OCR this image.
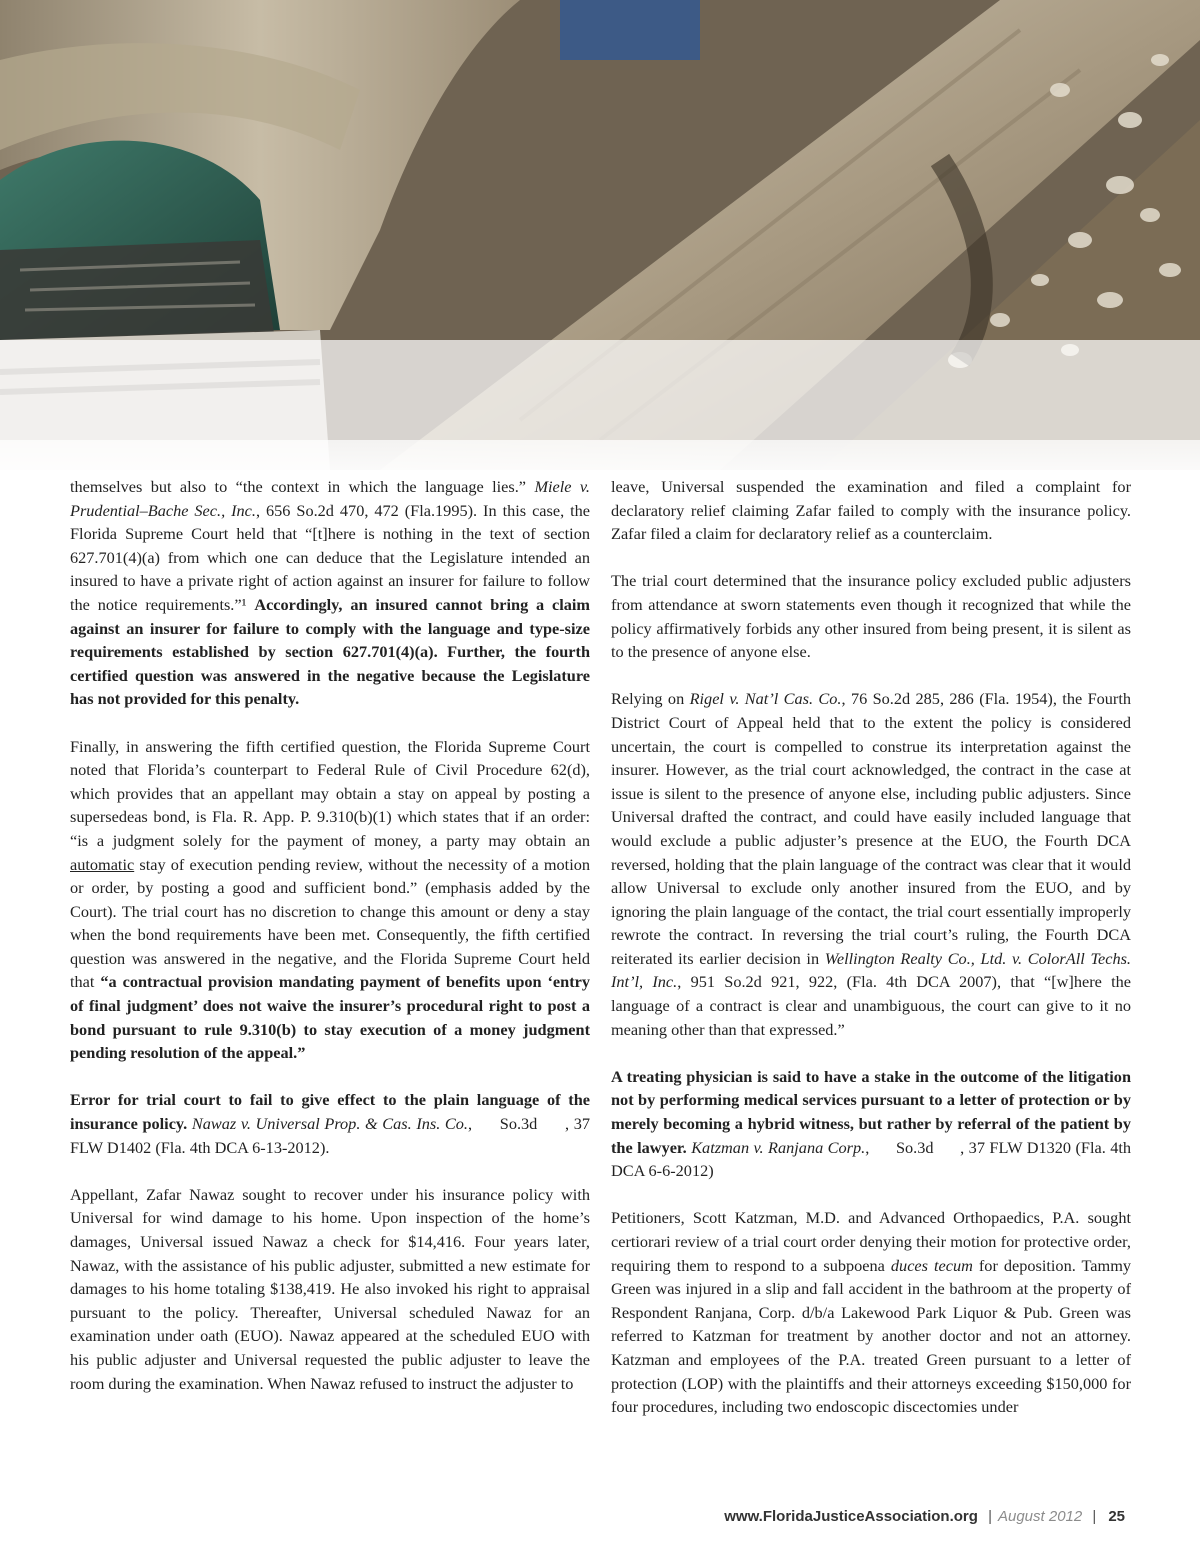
themselves but also to “the context in which the language lies.” Miele v. Prudential–Bache Sec., Inc., 656 So.2d 470, 472 (Fla.1995). In this case, the Florida Supreme Court held that “[t]here is nothing in the text of section 627.701(4)(a) from which one can deduce that the Legislature intended an insured to have a private right of action against an insurer for failure to follow the notice requirements.”¹ Accordingly, an insured cannot bring a claim against an insurer for failure to comply with the language and type-size requirements established by section 627.701(4)(a). Further, the fourth certified question was answered in the negative because the Legislature has not provided for this penalty.

Finally, in answering the fifth certified question, the Florida Supreme Court noted that Florida’s counterpart to Federal Rule of Civil Procedure 62(d), which provides that an appellant may obtain a stay on appeal by posting a supersedeas bond, is Fla. R. App. P. 9.310(b)(1) which states that if an order: “is a judgment solely for the payment of money, a party may obtain an automatic stay of execution pending review, without the necessity of a motion or order, by posting a good and sufficient bond.” (emphasis added by the Court). The trial court has no discretion to change this amount or deny a stay when the bond requirements have been met. Consequently, the fifth certified question was answered in the negative, and the Florida Supreme Court held that “a contractual provision mandating payment of benefits upon ‘entry of final judgment’ does not waive the insurer’s procedural right to post a bond pursuant to rule 9.310(b) to stay execution of a money judgment pending resolution of the appeal.”

Error for trial court to fail to give effect to the plain language of the insurance policy. Nawaz v. Universal Prop. & Cas. Ins. Co.,      So.3d      , 37 FLW D1402 (Fla. 4th DCA 6-13-2012).

Appellant, Zafar Nawaz sought to recover under his insurance policy with Universal for wind damage to his home. Upon inspection of the home’s damages, Universal issued Nawaz a check for $14,416. Four years later, Nawaz, with the assistance of his public adjuster, submitted a new estimate for damages to his home totaling $138,419. He also invoked his right to appraisal pursuant to the policy. Thereafter, Universal scheduled Nawaz for an examination under oath (EUO). Nawaz appeared at the scheduled EUO with his public adjuster and Universal requested the public adjuster to leave the room during the examination. When Nawaz refused to instruct the adjuster to

leave, Universal suspended the examination and filed a complaint for declaratory relief claiming Zafar failed to comply with the insurance policy. Zafar filed a claim for declaratory relief as a counterclaim.

The trial court determined that the insurance policy excluded public adjusters from attendance at sworn statements even though it recognized that while the policy affirmatively forbids any other insured from being present, it is silent as to the presence of anyone else.

Relying on Rigel v. Nat’l Cas. Co., 76 So.2d 285, 286 (Fla. 1954), the Fourth District Court of Appeal held that to the extent the policy is considered uncertain, the court is compelled to construe its interpretation against the insurer. However, as the trial court acknowledged, the contract in the case at issue is silent to the presence of anyone else, including public adjusters. Since Universal drafted the contract, and could have easily included language that would exclude a public adjuster’s presence at the EUO, the Fourth DCA reversed, holding that the plain language of the contract was clear that it would allow Universal to exclude only another insured from the EUO, and by ignoring the plain language of the contact, the trial court essentially improperly rewrote the contract. In reversing the trial court’s ruling, the Fourth DCA reiterated its earlier decision in Wellington Realty Co., Ltd. v. ColorAll Techs. Int’l, Inc., 951 So.2d 921, 922, (Fla. 4th DCA 2007), that “[w]here the language of a contract is clear and unambiguous, the court can give to it no meaning other than that expressed.”

A treating physician is said to have a stake in the outcome of the litigation not by performing medical services pursuant to a letter of protection or by merely becoming a hybrid witness, but rather by referral of the patient by the lawyer. Katzman v. Ranjana Corp.,      So.3d      , 37 FLW D1320 (Fla. 4th DCA 6-6-2012)

Petitioners, Scott Katzman, M.D. and Advanced Orthopaedics, P.A. sought certiorari review of a trial court order denying their motion for protective order, requiring them to respond to a subpoena duces tecum for deposition. Tammy Green was injured in a slip and fall accident in the bathroom at the property of Respondent Ranjana, Corp. d/b/a Lakewood Park Liquor & Pub. Green was referred to Katzman for treatment by another doctor and not an attorney. Katzman and employees of the P.A. treated Green pursuant to a letter of protection (LOP) with the plaintiffs and their attorneys exceeding $150,000 for four procedures, including two endoscopic discectomies under

www.FloridaJusticeAssociation.org | August 2012 | 25
